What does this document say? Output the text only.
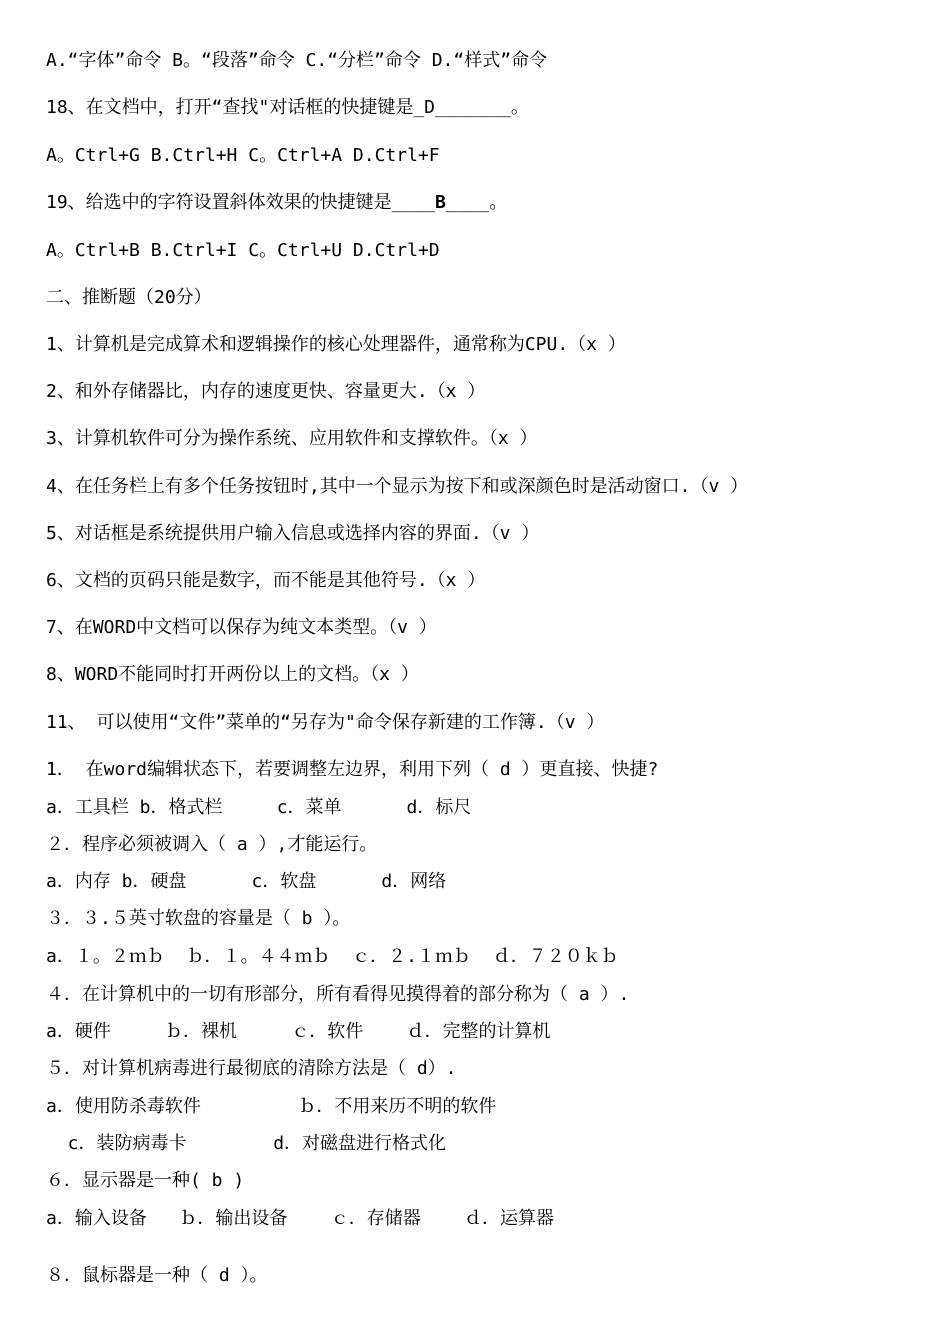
A.“字体”命令 B。“段落”命令 C.“分栏”命令 D.“样式”命令
18、在文档中，打开“查找"对话框的快捷键是_D_______。
A。Ctrl+G B.Ctrl+H C。Ctrl+A D.Ctrl+F
19、给选中的字符设置斜体效果的快捷键是____B____。
A。Ctrl+B B.Ctrl+I C。Ctrl+U D.Ctrl+D
二、推断题（20分）
1、计算机是完成算术和逻辑操作的核心处理器件，通常称为CPU.（x ）
2、和外存储器比，内存的速度更快、容量更大.（x ）
3、计算机软件可分为操作系统、应用软件和支撑软件。（x ）
4、在任务栏上有多个任务按钮时,其中一个显示为按下和或深颜色时是活动窗口.（v ）
5、对话框是系统提供用户输入信息或选择内容的界面.（v ）
6、文档的页码只能是数字，而不能是其他符号.（x ）
7、在WORD中文档可以保存为纯文本类型。（v ）
8、WORD不能同时打开两份以上的文档。（x ）
11、 可以使用“文件”菜单的“另存为"命令保存新建的工作簿.（v ）
1． 在word编辑状态下，若要调整左边界，利用下列（ d ）更直接、快捷?
a．工具栏 b．格式栏     c．菜单      d．标尺
２．程序必须被调入（ a ）,才能运行。
a．内存 b．硬盘      c．软盘      d．网络
３．３.５英寸软盘的容量是（ b ）。
a．１。２ｍｂ  ｂ．１。４４ｍｂ  ｃ．２.１ｍｂ  ｄ．７２０ｋｂ
４．在计算机中的一切有形部分，所有看得见摸得着的部分称为（ a ）.
a．硬件     ｂ．裸机     ｃ．软件    ｄ．完整的计算机
５．对计算机病毒进行最彻底的清除方法是（ d）.
a．使用防杀毒软件         ｂ．不用来历不明的软件
c．装防病毒卡        d．对磁盘进行格式化
６．显示器是一种( b )
a．输入设备   ｂ．输出设备    ｃ．存储器    ｄ．运算器
８．鼠标器是一种（ d ）。
